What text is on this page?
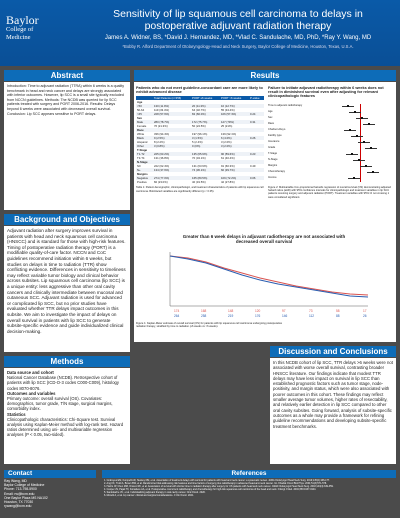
Baylor
College of
Medicine
Sensitivity of lip squamous cell carcinoma to delays in postoperative adjuvant radiation therapy
James A. Widner, BS, *David J. Hernandez, MD, *Vlad C. Sandulache, MD, PhD, *Ray Y. Wang, MD
*Bobby R. Alford Department of Otolaryngology-Head and Neck Surgery, Baylor College of Medicine, Houston, Texas, U.S.A.
Abstract
Introduction: Time to adjuvant radiation (TTRA) within 6 weeks is a quality benchmark in head and neck cancer and delays are strongly associated with inferior outcomes. However, lip SCC is a small site typically excluded from NCCN guidelines. Methods: The NCDB was queried for lip SCC patients treated with surgery and PORT 2006-2016. Results: Delays beyond 6 weeks were associated with decreased overall survival. Conclusion: Lip SCC appears sensitive to PORT delays.
Background and Objectives
Adjuvant radiation after surgery improves survival in patients with head and neck squamous cell carcinoma (HNSCC) and is standard for those with high-risk features. Timing of postoperative radiation therapy (PORT) is a modifiable quality-of-care factor. NCCN and CoC guidelines recommend initiation within 6 weeks, but studies on delays in time to radiation (TTR) show conflicting evidence. Differences in sensitivity to timeliness may reflect variable tumor biology and clinical behavior across subsites. Lip squamous cell carcinoma (lip SCC) is a unique entity: less aggressive than other oral cavity cancers and clinically intermediate between mucosal and cutaneous SCC. Adjuvant radiation is used for advanced or complicated lip SCC, but no prior studies have evaluated whether TTR delays impact outcomes in this subsite. We aim to investigate the impact of delays on overall survival in patients with lip SCC to generate subsite-specific evidence and guide individualized clinical decision-making.
Methods
Data source and cohort
National Cancer Database (NCDB). Retrospective cohort of patients with lip SCC (ICD-O-3 codes C000-C009), histology codes 8070-8076.
Outcomes and variables
Primary outcome: overall survival (OS). Covariates: demographics, tumor grade, T/N stage, surgical margins, comorbidity index.
Statistics
Clinicopathologic characteristics: Chi-Square test. Survival analysis using Kaplan-Meier method with log-rank test. Hazard ratios determined using uni- and multivariable regression analyses (P < 0.05, two-sided).
Results
Patients who do not meet guideline-concordant care are more likely to exhibit advanced disease
	Total Patients (n=356)	PORT ≤6 weeks	PORT >6 weeks	P-value
Age				
<50	130 (11.9%)	20 (11.3%)	10 (12.7%)	
50-64	119 (33.4%)	64 (32.7%)	55 (34.4%)	
>65	228 (57.6%)	82 (66.0%)	106 (57.3%)	0.24
Sex				
Male	280 (78.7%)	172 (75.7%)	127 (79%)	0.31
Female	76 (21.3%)	50 (24.5%)	25 (21%)	
Race				
White	336 (94.4%)	197 (96.1%)	139 (92.1%)	
Black	9 (2.5%)	3 (1.5%)	6 (4.0%)	0.26
Hispanic	8 (2.2%)	5 (2.4%)	3 (2.0%)	
Other	3 (0.8%)	0 (0%)	3 (2.0%)	
T-Stage				
T1-T2	225 (63.2%)	135 (65.9%)	90 (59.6%)	0.23
T3-T4	131 (36.8%)	70 (34.1%)	61 (40.4%)	
N-Stage				
N0	222 (62.4%)	131 (63.9%)	91 (60.3%)	0.49
N+	134 (37.6%)	74 (36.1%)	60 (39.7%)	
Margins				
Negative	274 (77.0%)	165 (80.5%)	109 (72.2%)	0.06
Positive	82 (23.0%)	40 (19.5%)	42 (27.8%)	
Table 1: Patient demographic, clinicopathologic, and treatment characteristics of patients with lip squamous cell carcinoma. Bold-faced variables are significantly different (p < 0.05).
Failure to initiate adjuvant radiotherapy within 6 weeks does not result in diminished survival even after adjusting for relevant clinicopathologic features
Time to adjuvant radiotherapy
Age
Sex
Race
Charlson-Deyo
Facility type
Insurance
Grade
T-Stage
N-Stage
Margins
Chemotherapy
Income
Figure 2: Multivariable Cox-proportional hazards regression of overall survival (OS) demonstrating adjusted hazard ratios (aHR) with 95% confidence intervals for clinicopathologic and treatment variables in lip SCC patients receiving surgery and adjuvant radiation (PORT). Treatment variables with 95% CI not crossing 1 were considered significant.
Greater than 6 week delays in adjuvant radiotherapy are not associated with decreased overall survival
174	168	148	120	97	73	58	17
264	258	219	176	146	112	88	26
Figure 1: Kaplan-Meier estimate of overall survival (OS) for patients with lip squamous cell carcinoma undergoing postoperative radiation therapy, stratified by time to radiation (≤6 weeks vs >6 weeks).
Discussion and Conclusions
In this NCDB cohort of lip SCC, TTR delays >6 weeks were not associated with worse overall survival, contrasting broader HNSCC literature. Our findings indicate that modest TTR delays may have less impact on survival in lip SCC than established prognostic factors such as tumor stage, node-positivity, and margin status, which were also associated with poorer outcomes in this cohort. These findings may reflect smaller average tumor volumes, higher rates of resectability, and relatively earlier detection in lip SCC compared to other oral cavity subsites. Going forward, analysis of subsite-specific outcomes as a whole may provide a framework for refining guideline recommendations and developing subsite-specific treatment benchmarks.
Contact
Ray Wang, MD
Baylor College of Medicine
Phone: 713-798-5900
Email: rw@bcm.edu
One Baylor Plaza MS NA102
Houston, TX 77030
rywang@bcm.edu
References
1. Graboyes EM, Kompelli AR, Neskey DM, et al. Association of treatment delays with survival for patients with head and neck cancer: a systematic review. JAMA Otolaryngol Head Neck Surg. 2019;145(2):166-177.
2. Ang KK, Trotti A, Brown BW, et al. Randomized trial addressing risk features and time factors of surgery plus radiotherapy in advanced head-and-neck cancer. Int J Radiat Oncol Biol Phys. 2001;51(3):571-578.
3. Harris JP, Chen MM, Orosco RK, et al. Association of survival with shorter time to radiation therapy after surgery for US patients with head and neck cancer. JAMA Otolaryngol Head Neck Surg. 2018;144(4):349-359.
4. Cooper JS, Pajak TF, Forastiere AA, et al. Postoperative concurrent radiotherapy and chemotherapy for high-risk squamous-cell carcinoma of the head and neck. N Engl J Med. 2004;350:1937-1944.
5. Sandulache VC, et al. Individualizing adjuvant therapy in oral cavity cancer. Oral Oncol. 2020.
6. Moretti A, et al. Lip cancer: clinical and surgical considerations. J Clin Oncol. 2021.
